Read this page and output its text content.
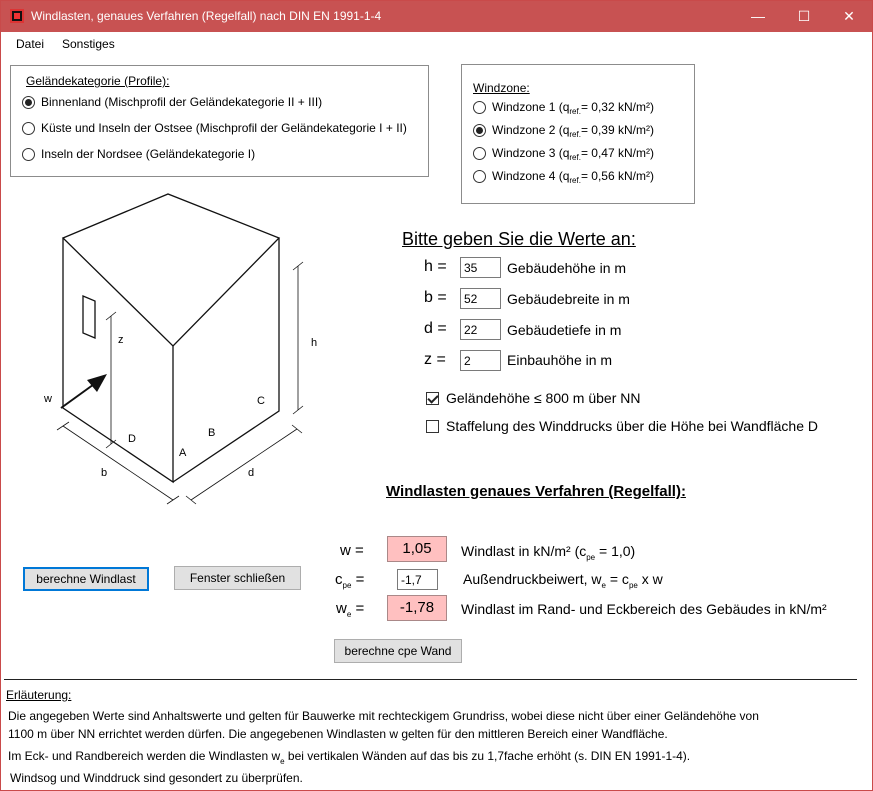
Windlasten, genaues Verfahren (Regelfall) nach DIN EN 1991-1-4	—	☐	✕
Datei Sonstiges
Geländekategorie (Profile):
Binnenland (Mischprofil der Geländekategorie II + III)
Küste und Inseln der Ostsee (Mischprofil der Geländekategorie I + II)
Inseln der Nordsee (Geländekategorie I)
Windzone:
Windzone 1 (q ref. = 0,32 kN/m²)
Windzone 2 (q ref. = 0,39 kN/m²)
Windzone 3 (q ref. = 0,47 kN/m²)
Windzone 4 (q ref. = 0,56 kN/m²)
z	h
w
b	d
A
B
C
D
Bitte geben Sie die Werte an:
h =	35	Gebäudehöhe in m
b =	52	Gebäudebreite in m
d =	22	Gebäudetiefe in m
z =	2	Einbauhöhe in m
Geländehöhe ≤ 800 m über NN
Staffelung des Winddrucks über die Höhe bei Wandfläche D
Windlasten genaues Verfahren (Regelfall):
w =	1,05	Windlast in kN/m² $(c_{pe} = 1,0)$
$c_{pe}$ =	-1,7	Außendruckbeiwert, $w_e = c_{pe}$ x w
$w_e$ =	-1,78	Windlast im Rand- und Eckbereich des Gebäudes in kN/m²
berechne Windlast	Fenster schließen
berechne cpe Wand
Erläuterung:
Die angegeben Werte sind Anhaltswerte und gelten für Bauwerke mit rechteckigem Grundriss, wobei diese nicht über einer Geländehöhe von
1100 m über NN errichtet werden dürfen. Die angegebenen Windlasten w gelten für den mittleren Bereich einer Wandfläche.
Im Eck- und Randbereich werden die Windlasten $w_e$ bei vertikalen Wänden auf das bis zu 1,7fache erhöht (s. DIN EN 1991-1-4).
Windsog und Winddruck sind gesondert zu überprüfen.
